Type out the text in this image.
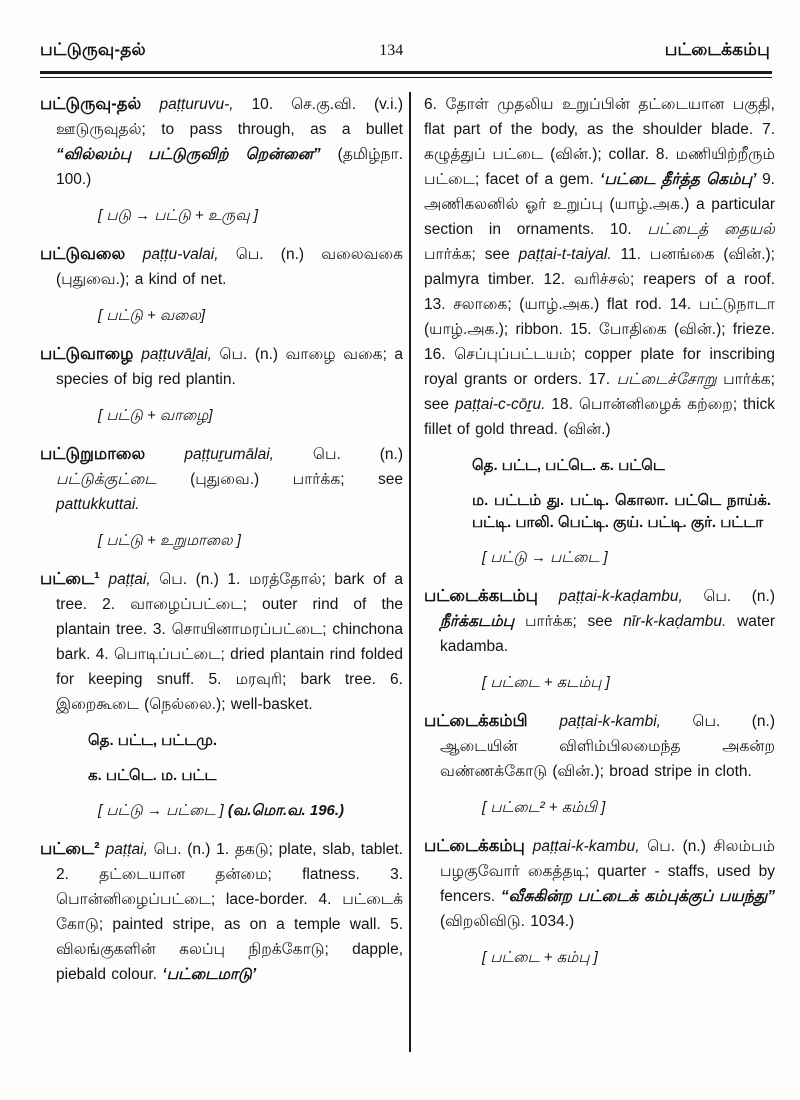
பட்டுருவு-தல்	134	பட்டைக்கம்பு

பட்டுருவு-தல் paṭṭuruvu-, 10. செ.கு.வி. (v.i.) ஊடுருவுதல்; to pass through, as a bullet “வில்லம்பு பட்டுருவிற் றென்னை” (தமிழ்நா. 100.)

[ படு → பட்டு + உருவு ]

பட்டுவலை paṭṭu-valai, பெ. (n.) வலைவகை (புதுவை.); a kind of net.

[ பட்டு + வலை]

பட்டுவாழை paṭṭuvāḻai, பெ. (n.) வாழை வகை; a species of big red plantin.

[ பட்டு + வாழை]

பட்டுறுமாலை paṭṭuṟumālai, பெ. (n.) பட்டுக்குட்டை (புதுவை.) பார்க்க; see pattukkuttai.

[ பட்டு + உறுமாலை ]

பட்டை¹ paṭṭai, பெ. (n.) 1. மரத்தோல்; bark of a tree. 2. வாழைப்பட்டை; outer rind of the plantain tree. 3. சொயினாமரப்பட்டை; chinchona bark. 4. பொடிப்பட்டை; dried plantain rind folded for keeping snuff. 5. மரவுரி; bark tree. 6. இறைகூடை (நெல்லை.); well-basket.

தெ. பட்ட, பட்டமு.

க. பட்டெ. ம. பட்ட

[ பட்டு → பட்டை ] (வ.மொ.வ. 196.)

பட்டை² paṭṭai, பெ. (n.) 1. தகடு; plate, slab, tablet. 2. தட்டையான தன்மை; flatness. 3. பொன்னிழைப்பட்டை; lace-border. 4. பட்டைக் கோடு; painted stripe, as on a temple wall. 5. விலங்குகளின் கலப்பு நிறக்கோடு; dapple, piebald colour. ‘பட்டைமாடு’

6. தோள் முதலிய உறுப்பின் தட்டையான பகுதி, flat part of the body, as the shoulder blade. 7. கழுத்துப் பட்டை (வின்.); collar. 8. மணியிற்றீரும் பட்டை; facet of a gem. ‘பட்டை தீர்த்த கெம்பு’ 9. அணிகலனில் ஓர் உறுப்பு (யாழ்.அக.) a particular section in ornaments. 10. பட்டைத் தையல் பார்க்க; see paṭṭai-t-taiyal. 11. பனங்கை (வின்.); palmyra timber. 12. வரிச்சல்; reapers of a roof. 13. சலாகை; (யாழ்.அக.) flat rod. 14. பட்டுநாடா (யாழ்.அக.); ribbon. 15. போதிகை (வின்.); frieze. 16. செப்புப்பட்டயம்; copper plate for inscribing royal grants or orders. 17. பட்டைச்சோறு பார்க்க; see paṭṭai-c-cōṟu. 18. பொன்னிழைக் கற்றை; thick fillet of gold thread. (வின்.)

தெ. பட்ட, பட்டெ. க. பட்டெ

ம. பட்டம் து. பட்டி. கொலா. பட்டெ நாய்க். பட்டி. பாலி. பெட்டி. குய். பட்டி. குர். பட்டா

[ பட்டு → பட்டை ]

பட்டைக்கடம்பு paṭṭai-k-kaḍambu, பெ. (n.) நீர்க்கடம்பு பார்க்க; see nīr-k-kaḍambu. water kadamba.

[ பட்டை + கடம்பு ]

பட்டைக்கம்பி paṭṭai-k-kambi, பெ. (n.) ஆடையின் விளிம்பிலமைந்த அகன்ற வண்ணக்கோடு (வின்.); broad stripe in cloth.

[ பட்டை² + கம்பி ]

பட்டைக்கம்பு paṭṭai-k-kambu, பெ. (n.) சிலம்பம் பழகுவோர் கைத்தடி; quarter - staffs, used by fencers. “வீசுகின்ற பட்டைக் கம்புக்குப் பயந்து” (விறலிவிடு. 1034.)

[ பட்டை + கம்பு ]
